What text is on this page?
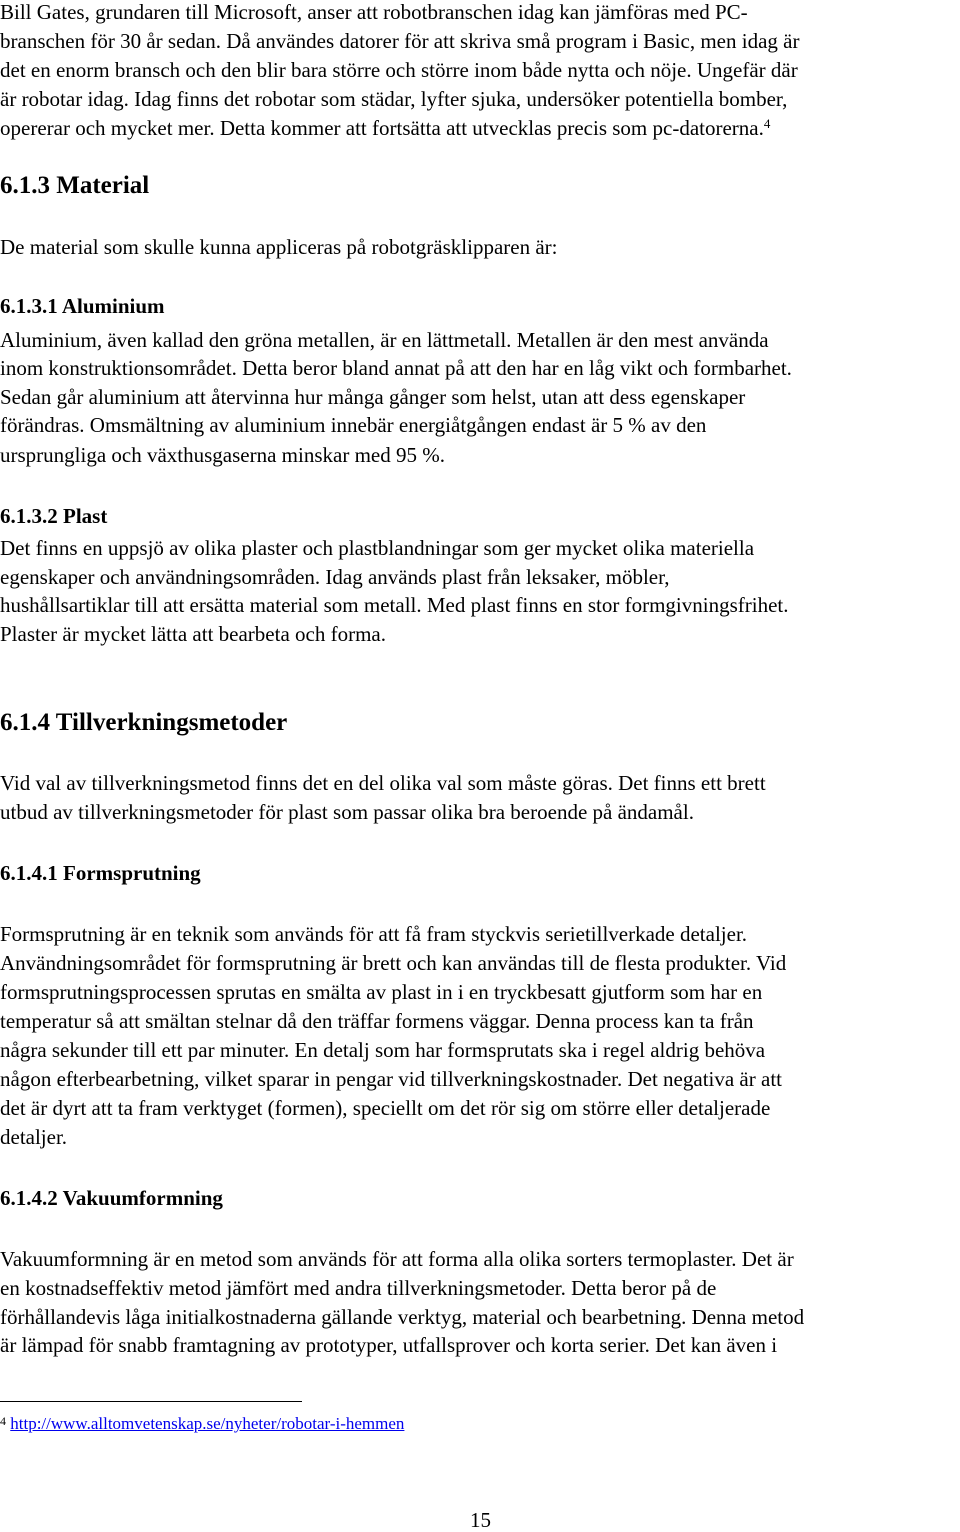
Bill Gates, grundaren till Microsoft, anser att robotbranschen idag kan jämföras med PC-
branschen för 30 år sedan. Då användes datorer för att skriva små program i Basic, men idag är
det en enorm bransch och den blir bara större och större inom både nytta och nöje. Ungefär där
är robotar idag. Idag finns det robotar som städar, lyfter sjuka, undersöker potentiella bomber,
opererar och mycket mer. Detta kommer att fortsätta att utvecklas precis som pc-datorerna.$^4$
6.1.3 Material
De material som skulle kunna appliceras på robotgräsklipparen är:
6.1.3.1 Aluminium
Aluminium, även kallad den gröna metallen, är en lättmetall. Metallen är den mest använda
inom konstruktionsområdet. Detta beror bland annat på att den har en låg vikt och formbarhet.
Sedan går aluminium att återvinna hur många gånger som helst, utan att dess egenskaper
förändras. Omsmältning av aluminium innebär energiåtgången endast är 5 % av den
ursprungliga och växthusgaserna minskar med 95 %.
6.1.3.2 Plast
Det finns en uppsjö av olika plaster och plastblandningar som ger mycket olika materiella
egenskaper och användningsområden. Idag används plast från leksaker, möbler,
hushållsartiklar till att ersätta material som metall. Med plast finns en stor formgivningsfrihet.
Plaster är mycket lätta att bearbeta och forma.
6.1.4 Tillverkningsmetoder
Vid val av tillverkningsmetod finns det en del olika val som måste göras. Det finns ett brett
utbud av tillverkningsmetoder för plast som passar olika bra beroende på ändamål.
6.1.4.1 Formsprutning
Formsprutning är en teknik som används för att få fram styckvis serietillverkade detaljer.
Användningsområdet för formsprutning är brett och kan användas till de flesta produkter. Vid
formsprutningsprocessen sprutas en smälta av plast in i en tryckbesatt gjutform som har en
temperatur så att smältan stelnar då den träffar formens väggar. Denna process kan ta från
några sekunder till ett par minuter. En detalj som har formsprutats ska i regel aldrig behöva
någon efterbearbetning, vilket sparar in pengar vid tillverkningskostnader. Det negativa är att
det är dyrt att ta fram verktyget (formen), speciellt om det rör sig om större eller detaljerade
detaljer.
6.1.4.2 Vakuumformning
Vakuumformning är en metod som används för att forma alla olika sorters termoplaster. Det är
en kostnadseffektiv metod jämfört med andra tillverkningsmetoder. Detta beror på de
förhållandevis låga initialkostnaderna gällande verktyg, material och bearbetning. Denna metod
är lämpad för snabb framtagning av prototyper, utfallsprover och korta serier. Det kan även i
$^4$ http://www.alltomvetenskap.se/nyheter/robotar-i-hemmen
15
